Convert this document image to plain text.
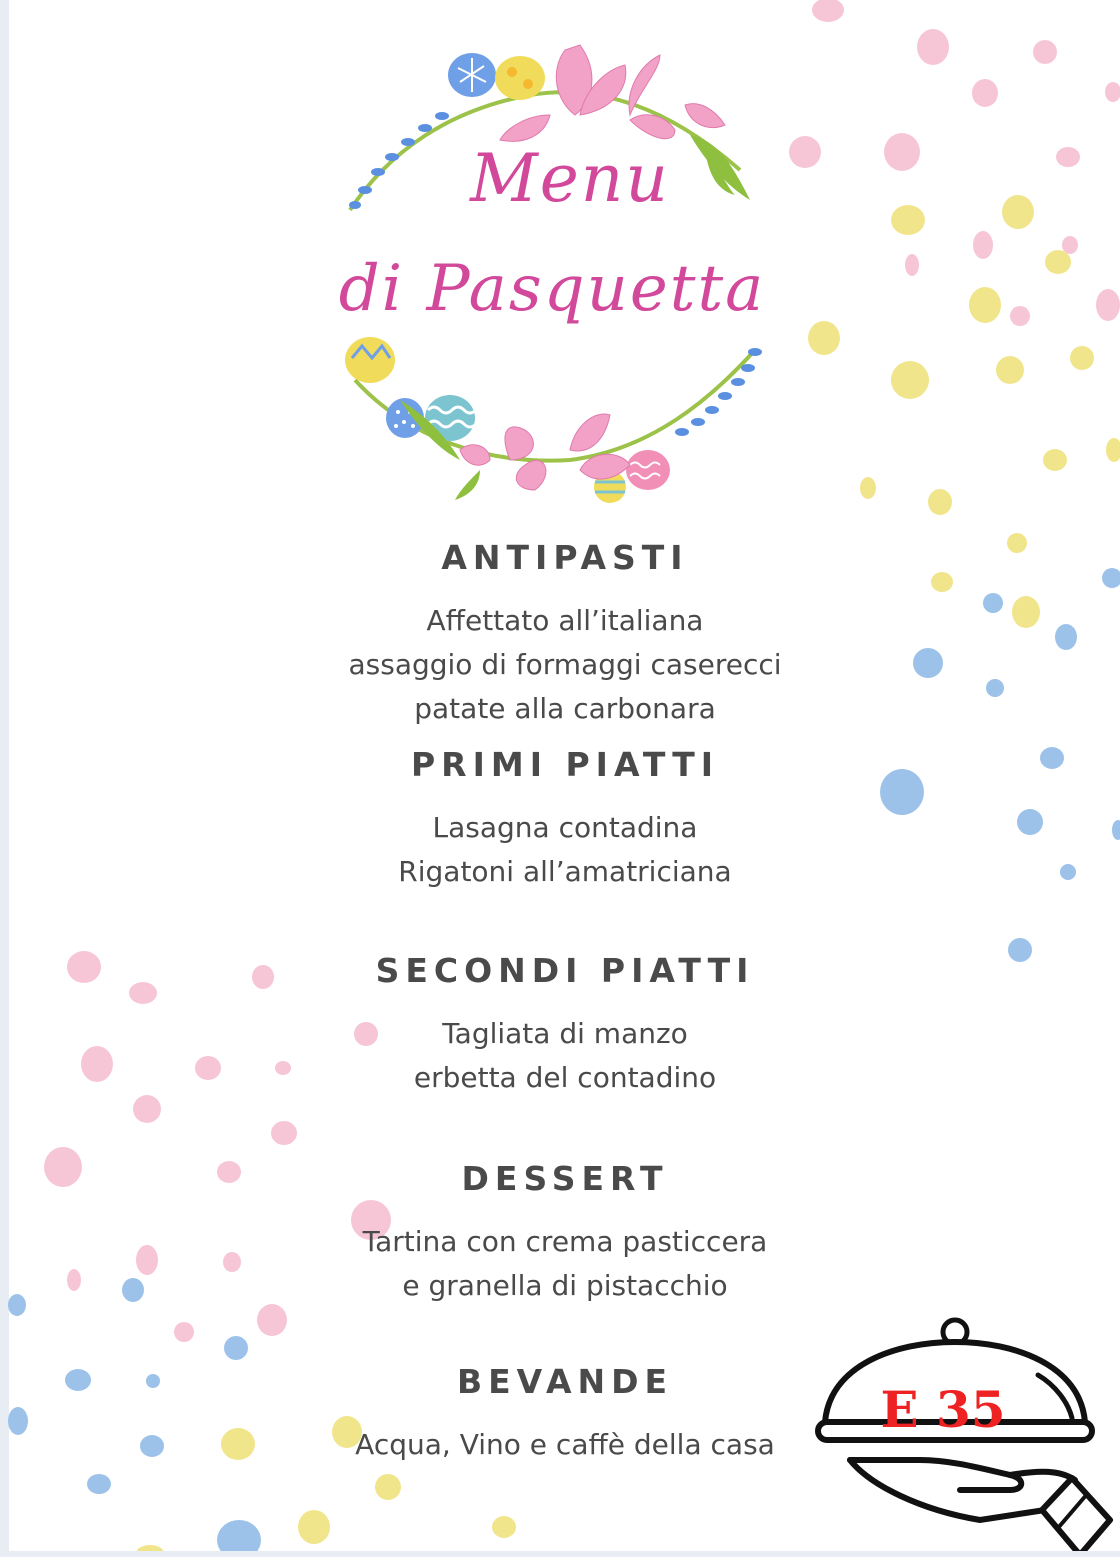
Menu
di Pasquetta
ANTIPASTI
Affettato all’italiana
assaggio di formaggi caserecci
patate alla carbonara
PRIMI PIATTI
Lasagna contadina
Rigatoni all’amatriciana
SECONDI PIATTI
Tagliata di manzo
erbetta del contadino
DESSERT
Tartina con crema pasticcera
e granella di pistacchio
BEVANDE
Acqua, Vino e caffè della casa
E 35
